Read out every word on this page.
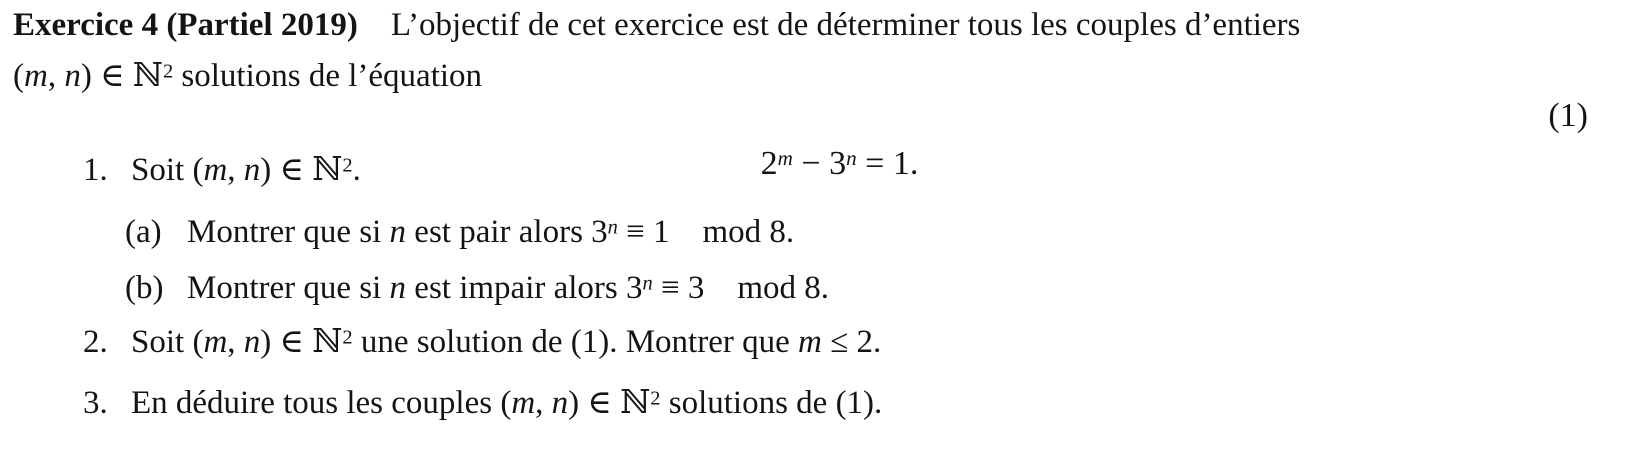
Exercice 4 (Partiel 2019) L’objectif de cet exercice est de déterminer tous les couples d’entiers
(m, n) ∈ ℕ$^2$ solutions de l’équation

$2^m - 3^n = 1$.

(1)

1. Soit (m, n) ∈ ℕ$^2$.
(a) Montrer que si n est pair alors $3^n \equiv 1$ mod 8.
(b) Montrer que si n est impair alors $3^n \equiv 3$ mod 8.
2. Soit (m, n) ∈ ℕ$^2$ une solution de (1). Montrer que m ≤ 2.
3. En déduire tous les couples (m, n) ∈ ℕ$^2$ solutions de (1).
